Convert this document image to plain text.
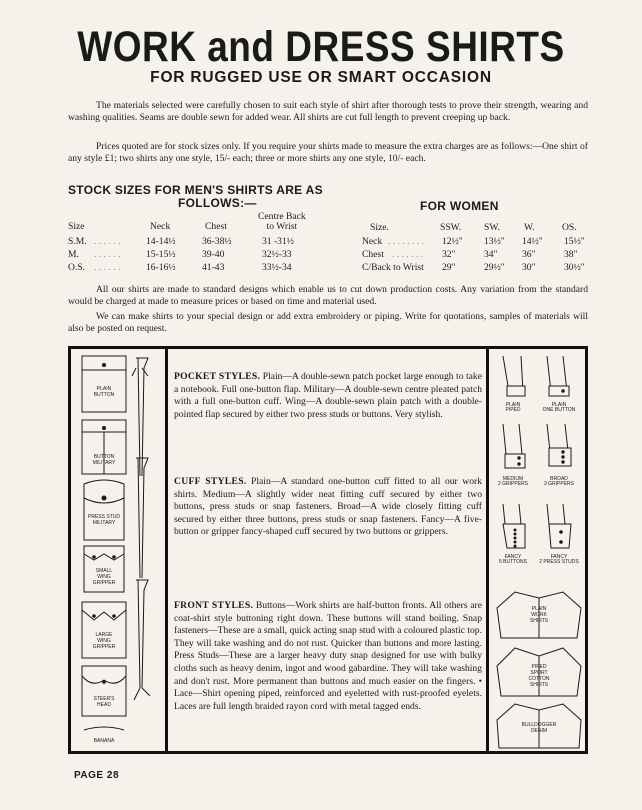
WORK and DRESS SHIRTS
FOR RUGGED USE OR SMART OCCASION

The materials selected were carefully chosen to suit each style of shirt after thorough tests to prove their strength, wearing and washing qualities. Seams are double sewn for added wear. All shirts are cut full length to prevent creeping up back.

Prices quoted are for stock sizes only. If you require your shirts made to measure the extra charges are as follows:—One shirt of any style £1; two shirts any one style, 15/- each; three or more shirts any one style, 10/- each.

STOCK SIZES FOR MEN'S SHIRTS ARE AS
FOLLOWS:—	FOR WOMEN
Size	Neck	Chest
Centre Back
to Wrist
S.M. . . . . . .	14-14½	36-38½	31 -31½
M. . . . . . .	15-15½	39-40	32½-33
O.S. . . . . . .	16-16½	41-43	33½-34
Size.	SSW. SW.	W.	OS.
Neck . . . . . . . . 12½" 13½" 14½" 15½"
Chest . . . . . . . 32"	34"	36"	38"
C/Back to Wrist 29"	29½" 30"	30½"

All our shirts are made to standard designs which enable us to cut down production costs. Any variation from the standard would be charged at made to measure prices or based on time and material used.

We can make shirts to your special design or add extra embroidery or piping. Write for quotations, samples of materials will also be posted on request.

PLAIN
BUTTON
BUTTON
MILITARY
PRESS STUD
MILITARY
SMALL
WING
GRIPPER
LARGE
WING
GRIPPER
STEER'S
HEAD
BANANA
POCKET STYLES. Plain—A double-sewn patch pocket large enough to take a notebook. Full one-button flap. Military—A double-sewn centre pleated patch with a full one-button cuff. Wing—A double-sewn plain patch with a double-pointed flap secured by either two press studs or buttons. Very stylish.
CUFF STYLES. Plain—A standard one-button cuff fitted to all our work shirts. Medium—A slightly wider neat fitting cuff secured by either two buttons, press studs or snap fasteners. Broad—A wide closely fitting cuff secured by either three buttons, press studs or snap fasteners. Fancy—A five-button or gripper fancy-shaped cuff secured by two buttons or grippers.
FRONT STYLES. Buttons—Work shirts are half-button fronts. All others are coat-shirt style buttoning right down. These buttons will stand boiling. Snap fasteners—These are a small, quick acting snap stud with a coloured plastic top. They will take washing and do not rust. Quicker than buttons and more lasting. Press Studs—These are a larger heavy duty snap designed for use with bulky cloths such as heavy denim, ingot and wood gabardine. They will take washing and don't rust. More permanent than buttons and much easier on the fingers. • Lace—Shirt opening piped, reinforced and eyeletted with rust-proofed eyelets. Laces are full length braided rayon cord with metal tagged ends.
PLAIN
PIPED
PLAIN
ONE BUTTON
MEDIUM
2 GRIPPERS
BROAD
3 GRIPPERS
FANCY
5 BUTTONS
FANCY
2 PRESS STUDS
PLAIN
WORK
SHIRTS
PIPED
SPORT
COTTON
SHIRTS
BULLDOGGER
DENIM
PAGE 28
